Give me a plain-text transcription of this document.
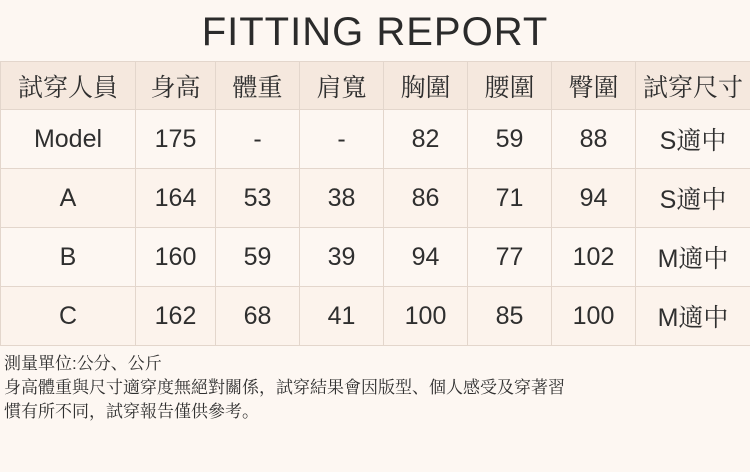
FITTING REPORT
試穿人員	身高	體重	肩寬	胸圍	腰圍	臀圍	試穿尺寸
Model	175	-	-	82	59	88	S適中
A	164	53	38	86	71	94	S適中
B	160	59	39	94	77	102	M適中
C	162	68	41	100	85	100	M適中
測量單位:公分、公斤
身高體重與尺寸適穿度無絕對關係，試穿結果會因版型、個人感受及穿著習
慣有所不同，試穿報告僅供參考。
